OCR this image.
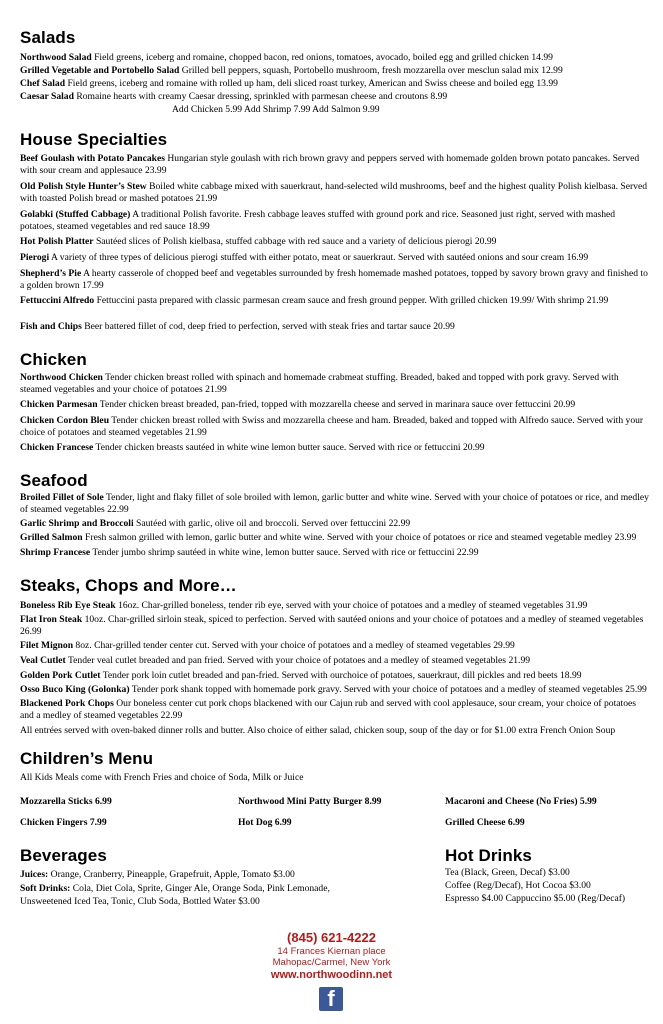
Salads
Northwood Salad Field greens, iceberg and romaine, chopped bacon, red onions, tomatoes, avocado, boiled egg and grilled chicken 14.99
Grilled Vegetable and Portobello Salad Grilled bell peppers, squash, Portobello mushroom, fresh mozzarella over mesclun salad mix 12.99
Chef Salad Field greens, iceberg and romaine with rolled up ham, deli sliced roast turkey, American and Swiss cheese and boiled egg 13.99
Caesar Salad Romaine hearts with creamy Caesar dressing, sprinkled with parmesan cheese and croutons 8.99
Add Chicken 5.99 Add Shrimp 7.99 Add Salmon 9.99
House Specialties
Beef Goulash with Potato Pancakes Hungarian style goulash with rich brown gravy and peppers served with homemade golden brown potato pancakes. Served with sour cream and applesauce 23.99
Old Polish Style Hunter’s Stew Boiled white cabbage mixed with sauerkraut, hand-selected wild mushrooms, beef and the highest quality Polish kielbasa. Served with toasted Polish bread or mashed potatoes 21.99
Golabki (Stuffed Cabbage) A traditional Polish favorite. Fresh cabbage leaves stuffed with ground pork and rice. Seasoned just right, served with mashed potatoes, steamed vegetables and red sauce 18.99
Hot Polish Platter Sautéed slices of Polish kielbasa, stuffed cabbage with red sauce and a variety of delicious pierogi 20.99
Pierogi A variety of three types of delicious pierogi stuffed with either potato, meat or sauerkraut. Served with sautéed onions and sour cream 16.99
Shepherd’s Pie A hearty casserole of chopped beef and vegetables surrounded by fresh homemade mashed potatoes, topped by savory brown gravy and finished to a golden brown 17.99
Fettuccini Alfredo Fettuccini pasta prepared with classic parmesan cream sauce and fresh ground pepper. With grilled chicken 19.99/ With shrimp 21.99
Fish and Chips Beer battered fillet of cod, deep fried to perfection, served with steak fries and tartar sauce 20.99
Chicken
Northwood Chicken Tender chicken breast rolled with spinach and homemade crabmeat stuffing. Breaded, baked and topped with pork gravy. Served with steamed vegetables and your choice of potatoes 21.99
Chicken Parmesan Tender chicken breast breaded, pan-fried, topped with mozzarella cheese and served in marinara sauce over fettuccini 20.99
Chicken Cordon Bleu Tender chicken breast rolled with Swiss and mozzarella cheese and ham. Breaded, baked and topped with Alfredo sauce. Served with your choice of potatoes and steamed vegetables 21.99
Chicken Francese Tender chicken breasts sautéed in white wine lemon butter sauce. Served with rice or fettuccini 20.99
Seafood
Broiled Fillet of Sole Tender, light and flaky fillet of sole broiled with lemon, garlic butter and white wine. Served with your choice of potatoes or rice, and medley of steamed vegetables 22.99
Garlic Shrimp and Broccoli Sautéed with garlic, olive oil and broccoli. Served over fettuccini 22.99
Grilled Salmon Fresh salmon grilled with lemon, garlic butter and white wine. Served with your choice of potatoes or rice and steamed vegetable medley 23.99
Shrimp Francese Tender jumbo shrimp sautéed in white wine, lemon butter sauce. Served with rice or fettuccini 22.99
Steaks, Chops and More…
Boneless Rib Eye Steak 16oz. Char-grilled boneless, tender rib eye, served with your choice of potatoes and a medley of steamed vegetables 31.99
Flat Iron Steak 10oz. Char-grilled sirloin steak, spiced to perfection. Served with sautéed onions and your choice of potatoes and a medley of steamed vegetables 26.99
Filet Mignon 8oz. Char-grilled tender center cut. Served with your choice of potatoes and a medley of steamed vegetables 29.99
Veal Cutlet Tender veal cutlet breaded and pan fried. Served with your choice of potatoes and a medley of steamed vegetables 21.99
Golden Pork Cutlet Tender pork loin cutlet breaded and pan-fried. Served with ourchoice of potatoes, sauerkraut, dill pickles and red beets 18.99
Osso Buco King (Golonka) Tender pork shank topped with homemade pork gravy. Served with your choice of potatoes and a medley of steamed vegetables 25.99
Blackened Pork Chops Our boneless center cut pork chops blackened with our Cajun rub and served with cool applesauce, sour cream, your choice of potatoes and a medley of steamed vegetables 22.99
All entrées served with oven-baked dinner rolls and butter. Also choice of either salad, chicken soup, soup of the day or for $1.00 extra French Onion Soup
Children’s Menu
All Kids Meals come with French Fries and choice of Soda, Milk or Juice
Mozzarella Sticks 6.99	Northwood Mini Patty Burger 8.99	Macaroni and Cheese (No Fries) 5.99
Chicken Fingers 7.99	Hot Dog 6.99	Grilled Cheese 6.99
Beverages
Juices: Orange, Cranberry, Pineapple, Grapefruit, Apple, Tomato $3.00
Soft Drinks: Cola, Diet Cola, Sprite, Ginger Ale, Orange Soda, Pink Lemonade,
Unsweetened Iced Tea, Tonic, Club Soda, Bottled Water $3.00
Hot Drinks
Tea (Black, Green, Decaf) $3.00
Coffee (Reg/Decaf), Hot Cocoa $3.00
Espresso $4.00 Cappuccino $5.00 (Reg/Decaf)
(845) 621-4222
14 Frances Kiernan place
Mahopac/Carmel, New York
www.northwoodinn.net
f
